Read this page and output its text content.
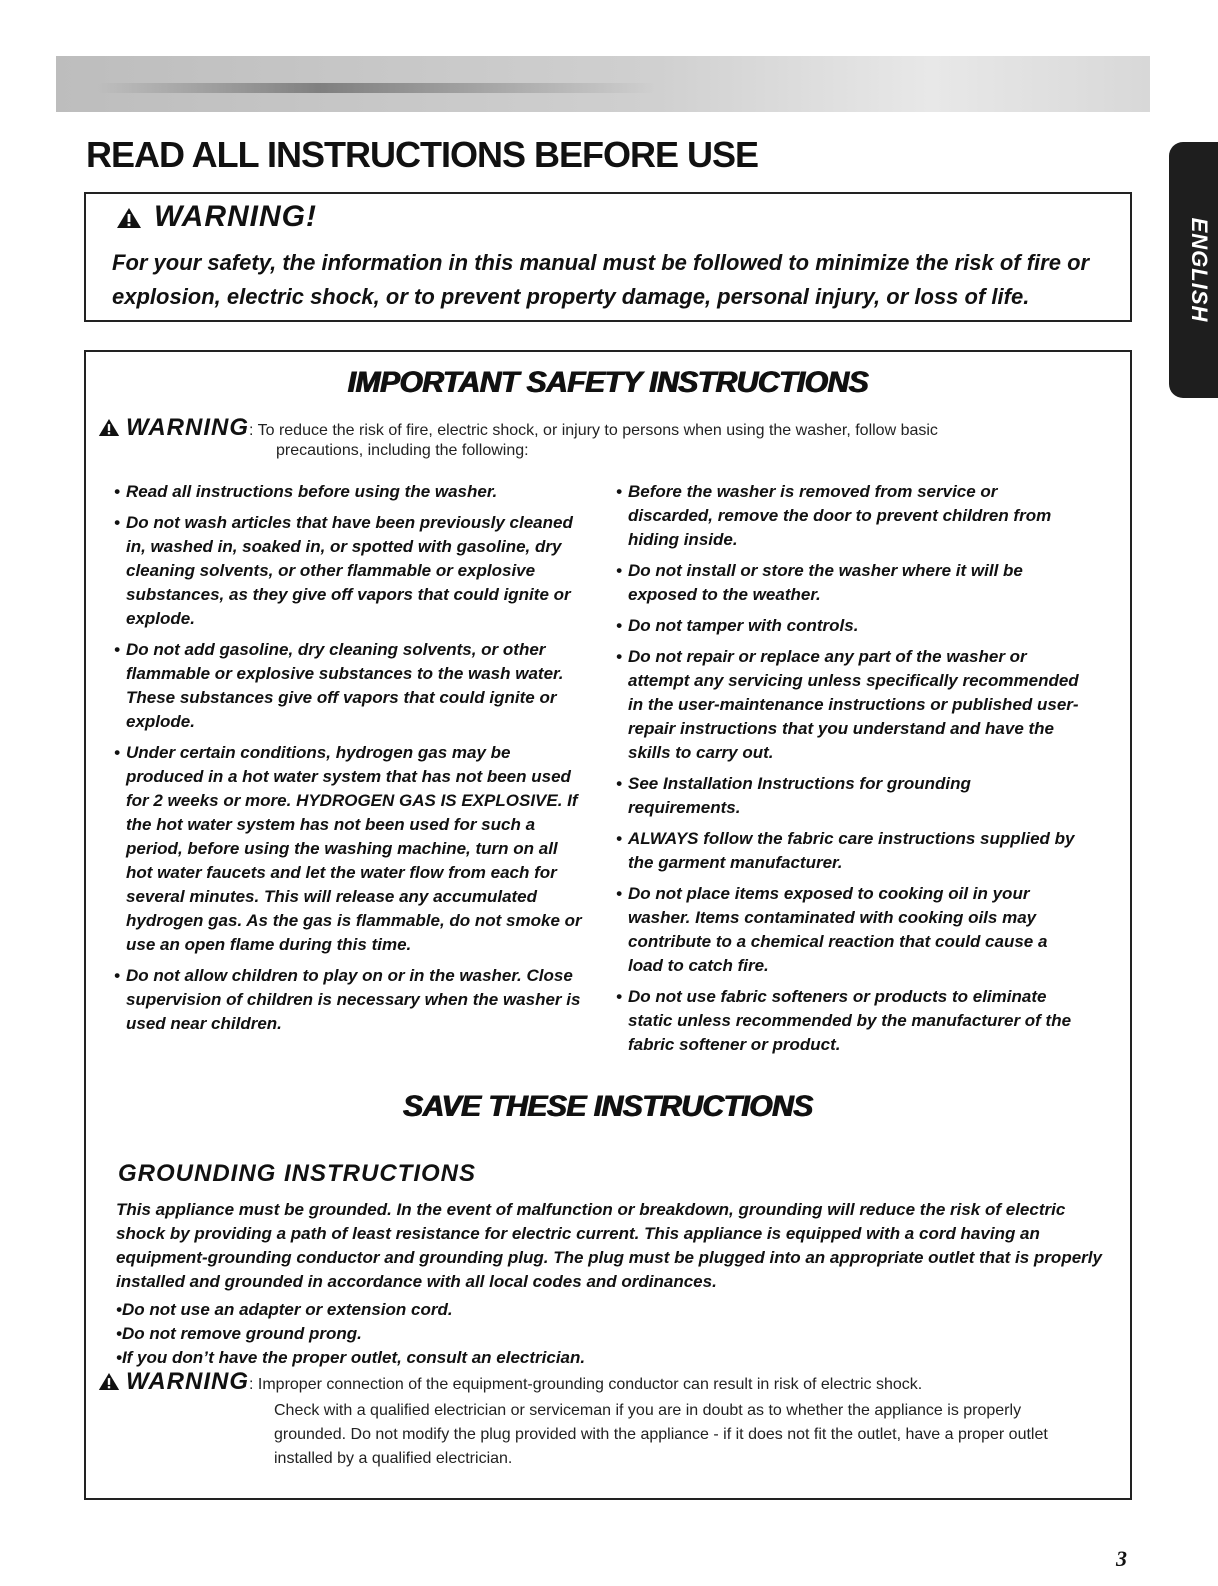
ENGLISH
READ ALL INSTRUCTIONS BEFORE USE
WARNING!
For your safety, the information in this manual must be followed to minimize the risk of fire or explosion, electric shock, or to prevent property damage, personal injury, or loss of life.
IMPORTANT SAFETY INSTRUCTIONS
WARNING: To reduce the risk of fire, electric shock, or injury to persons when using the washer, follow basic
precautions, including the following:
• Read all instructions before using the washer.
• Do not wash articles that have been previously cleaned in, washed in, soaked in, or spotted with gasoline, dry cleaning solvents, or other flammable or explosive substances, as they give off vapors that could ignite or explode.
• Do not add gasoline, dry cleaning solvents, or other flammable or explosive substances to the wash water. These substances give off vapors that could ignite or explode.
• Under certain conditions, hydrogen gas may be produced in a hot water system that has not been used for 2 weeks or more. HYDROGEN GAS IS EXPLOSIVE. If the hot water system has not been used for such a period, before using the washing machine, turn on all hot water faucets and let the water flow from each for several minutes. This will release any accumulated hydrogen gas. As the gas is flammable, do not smoke or use an open flame during this time.
• Do not allow children to play on or in the washer. Close supervision of children is necessary when the washer is used near children.
• Before the washer is removed from service or discarded, remove the door to prevent children from hiding inside.
• Do not install or store the washer where it will be exposed to the weather.
• Do not tamper with controls.
• Do not repair or replace any part of the washer or attempt any servicing unless specifically recommended in the user-maintenance instructions or published user-repair instructions that you understand and have the skills to carry out.
• See Installation Instructions for grounding requirements.
• ALWAYS follow the fabric care instructions supplied by the garment manufacturer.
• Do not place items exposed to cooking oil in your washer. Items contaminated with cooking oils may contribute to a chemical reaction that could cause a load to catch fire.
• Do not use fabric softeners or products to eliminate static unless recommended by the manufacturer of the fabric softener or product.
SAVE THESE INSTRUCTIONS
GROUNDING INSTRUCTIONS

This appliance must be grounded. In the event of malfunction or breakdown, grounding will reduce the risk of electric shock by providing a path of least resistance for electric current. This appliance is equipped with a cord having an equipment-grounding conductor and grounding plug. The plug must be plugged into an appropriate outlet that is properly installed and grounded in accordance with all local codes and ordinances.

• Do not use an adapter or extension cord.
• Do not remove ground prong.
• If you don’t have the proper outlet, consult an electrician.
WARNING: Improper connection of the equipment-grounding conductor can result in risk of electric shock.
Check with a qualified electrician or serviceman if you are in doubt as to whether the appliance is properly grounded. Do not modify the plug provided with the appliance - if it does not fit the outlet, have a proper outlet installed by a qualified electrician.
3
